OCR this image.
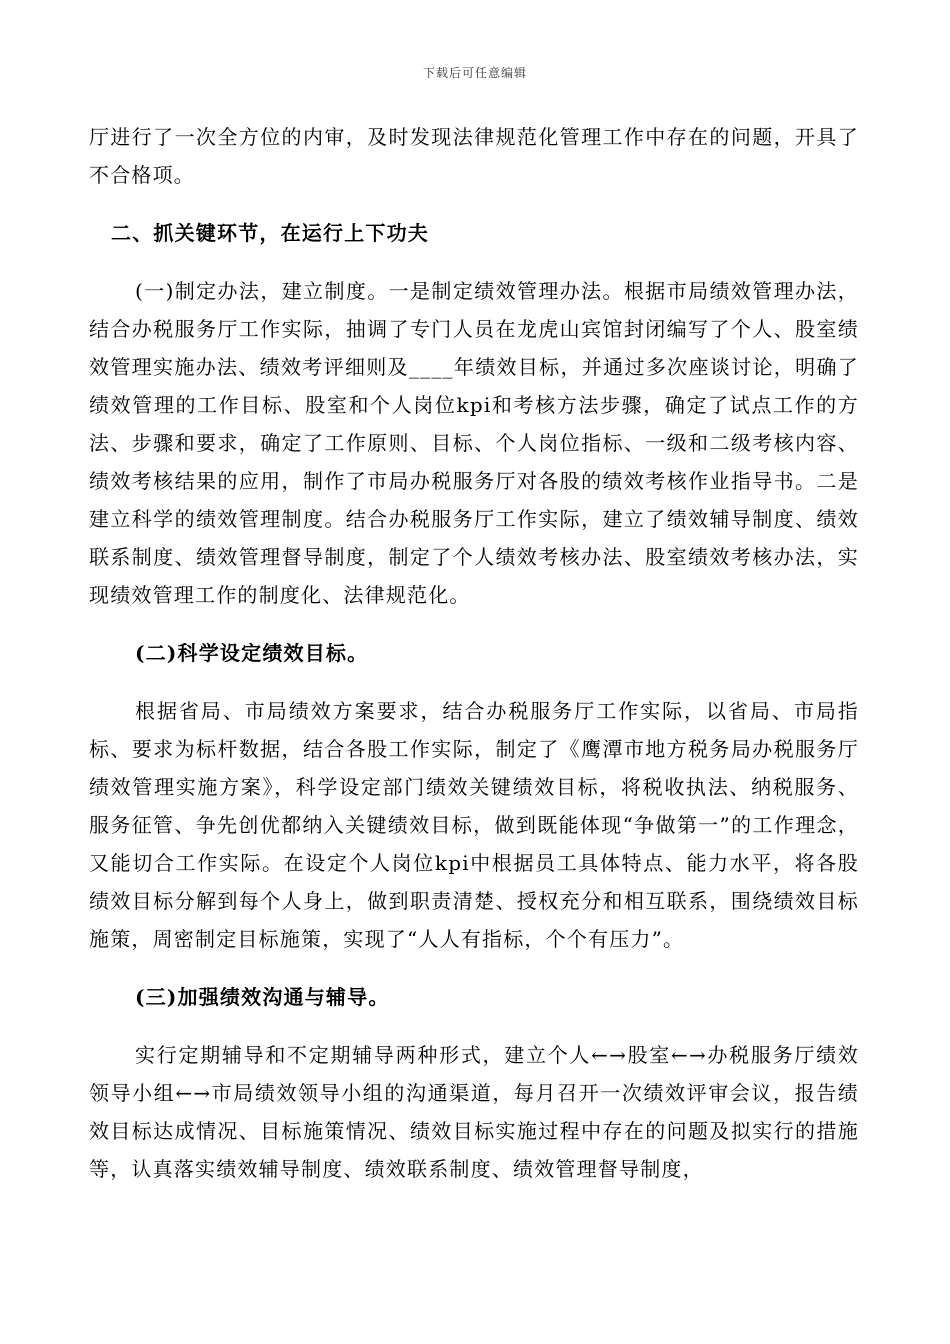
下载后可任意编辑

厅进行了一次全方位的内审，及时发现法律规范化管理工作中存在的问题，开具了不合格项。

二、抓关键环节，在运行上下功夫

(一)制定办法，建立制度。一是制定绩效管理办法。根据市局绩效管理办法，结合办税服务厅工作实际，抽调了专门人员在龙虎山宾馆封闭编写了个人、股室绩效管理实施办法、绩效考评细则及____年绩效目标，并通过多次座谈讨论，明确了绩效管理的工作目标、股室和个人岗位kpi和考核方法步骤，确定了试点工作的方法、步骤和要求，确定了工作原则、目标、个人岗位指标、一级和二级考核内容、绩效考核结果的应用，制作了市局办税服务厅对各股的绩效考核作业指导书。二是建立科学的绩效管理制度。结合办税服务厅工作实际，建立了绩效辅导制度、绩效联系制度、绩效管理督导制度，制定了个人绩效考核办法、股室绩效考核办法，实现绩效管理工作的制度化、法律规范化。

(二)科学设定绩效目标。

根据省局、市局绩效方案要求，结合办税服务厅工作实际，以省局、市局指标、要求为标杆数据，结合各股工作实际，制定了《鹰潭市地方税务局办税服务厅绩效管理实施方案》，科学设定部门绩效关键绩效目标，将税收执法、纳税服务、服务征管、争先创优都纳入关键绩效目标，做到既能体现“争做第一”的工作理念，又能切合工作实际。在设定个人岗位kpi中根据员工具体特点、能力水平，将各股绩效目标分解到每个人身上，做到职责清楚、授权充分和相互联系，围绕绩效目标施策，周密制定目标施策，实现了“人人有指标，个个有压力”。

(三)加强绩效沟通与辅导。

实行定期辅导和不定期辅导两种形式，建立个人←→股室←→办税服务厅绩效领导小组←→市局绩效领导小组的沟通渠道，每月召开一次绩效评审会议，报告绩效目标达成情况、目标施策情况、绩效目标实施过程中存在的问题及拟实行的措施等，认真落实绩效辅导制度、绩效联系制度、绩效管理督导制度，
